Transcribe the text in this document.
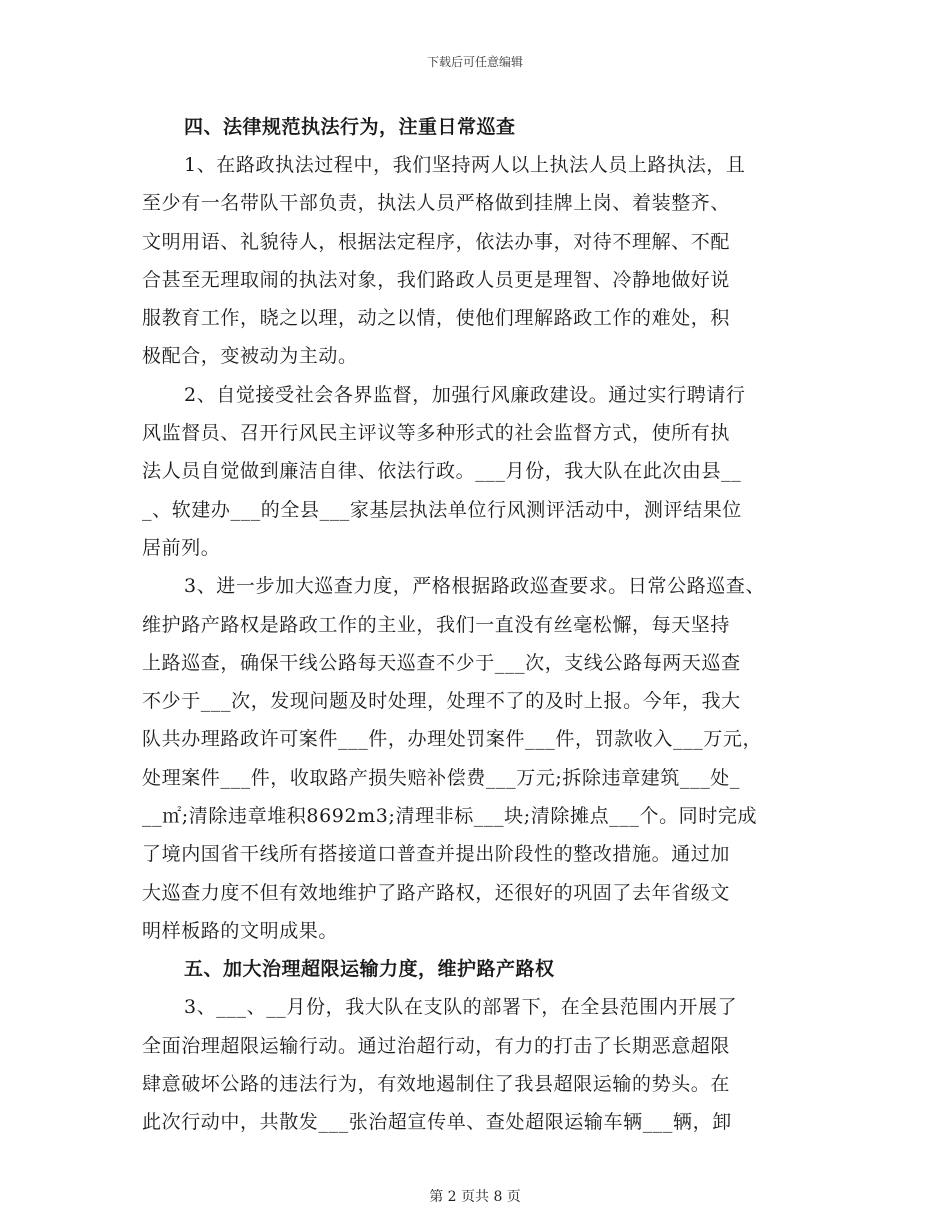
下载后可任意编辑
四、法律规范执法行为，注重日常巡查
1、在路政执法过程中，我们坚持两人以上执法人员上路执法，且
至少有一名带队干部负责，执法人员严格做到挂牌上岗、着装整齐、
文明用语、礼貌待人，根据法定程序，依法办事，对待不理解、不配
合甚至无理取闹的执法对象，我们路政人员更是理智、冷静地做好说
服教育工作，晓之以理，动之以情，使他们理解路政工作的难处，积
极配合，变被动为主动。
2、自觉接受社会各界监督，加强行风廉政建设。通过实行聘请行
风监督员、召开行风民主评议等多种形式的社会监督方式，使所有执
法人员自觉做到廉洁自律、依法行政。___月份，我大队在此次由县__
_、软建办___的全县___家基层执法单位行风测评活动中，测评结果位
居前列。
3、进一步加大巡查力度，严格根据路政巡查要求。日常公路巡查、
维护路产路权是路政工作的主业，我们一直没有丝毫松懈，每天坚持
上路巡查，确保干线公路每天巡查不少于___次，支线公路每两天巡查
不少于___次，发现问题及时处理，处理不了的及时上报。今年，我大
队共办理路政许可案件___件，办理处罚案件___件，罚款收入___万元，
处理案件___件，收取路产损失赔补偿费___万元;拆除违章建筑___处_
__㎡;清除违章堆积8692m3;清理非标___块;清除摊点___个。同时完成
了境内国省干线所有搭接道口普查并提出阶段性的整改措施。通过加
大巡查力度不但有效地维护了路产路权，还很好的巩固了去年省级文
明样板路的文明成果。
五、加大治理超限运输力度，维护路产路权
3、___、__月份，我大队在支队的部署下，在全县范围内开展了
全面治理超限运输行动。通过治超行动，有力的打击了长期恶意超限
肆意破坏公路的违法行为，有效地遏制住了我县超限运输的势头。在
此次行动中，共散发___张治超宣传单、查处超限运输车辆___辆，卸
第 2 页共 8 页
